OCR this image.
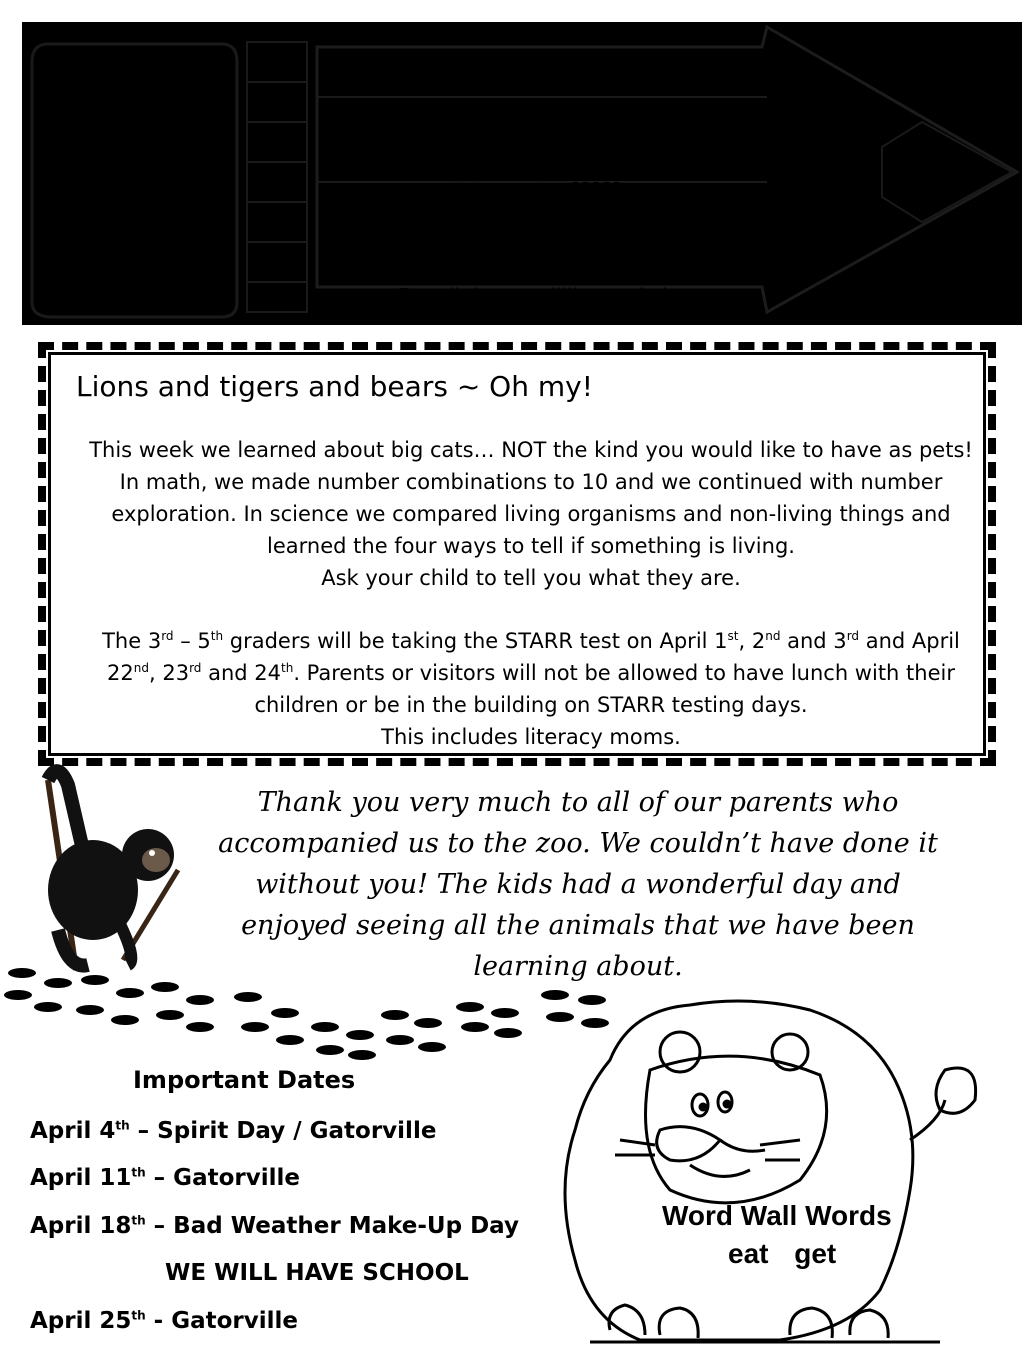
Kindergarten
Connection
Mrs. Williky
March 28, 2014
E-mail: jayne.williky@gcisd.net
Lions and tigers and bears ~ Oh my!
This week we learned about big cats… NOT the kind you would like to have as pets! In math, we made number combinations to 10 and we continued with number exploration. In science we compared living organisms and non-living things and learned the four ways to tell if something is living.
Ask your child to tell you what they are.
The 3rd – 5th graders will be taking the STARR test on April 1st, 2nd and 3rd and April 22nd, 23rd and 24th. Parents or visitors will not be allowed to have lunch with their children or be in the building on STARR testing days.
This includes literacy moms.
Thank you very much to all of our parents who accompanied us to the zoo. We couldn’t have done it without you! The kids had a wonderful day and enjoyed seeing all the animals that we have been learning about.
Important Dates
April 4th – Spirit Day / Gatorville
April 11th – Gatorville
April 18th – Bad Weather Make-Up Day
WE WILL HAVE SCHOOL
April 25th - Gatorville
Word Wall Words
eat get
